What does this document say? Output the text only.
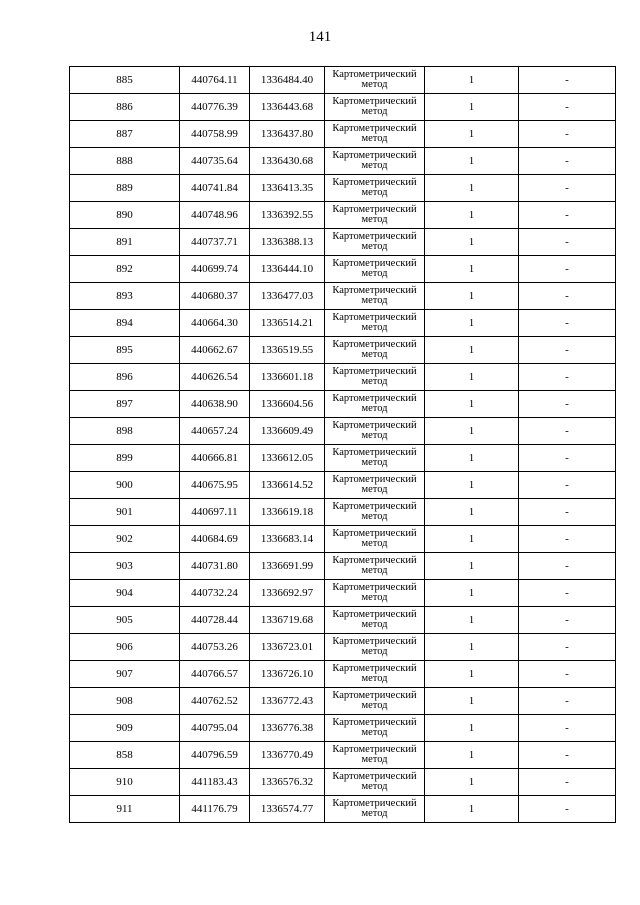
141
885	440764.11	1336484.40	Картометрический метод	1	-
886	440776.39	1336443.68	Картометрический метод	1	-
887	440758.99	1336437.80	Картометрический метод	1	-
888	440735.64	1336430.68	Картометрический метод	1	-
889	440741.84	1336413.35	Картометрический метод	1	-
890	440748.96	1336392.55	Картометрический метод	1	-
891	440737.71	1336388.13	Картометрический метод	1	-
892	440699.74	1336444.10	Картометрический метод	1	-
893	440680.37	1336477.03	Картометрический метод	1	-
894	440664.30	1336514.21	Картометрический метод	1	-
895	440662.67	1336519.55	Картометрический метод	1	-
896	440626.54	1336601.18	Картометрический метод	1	-
897	440638.90	1336604.56	Картометрический метод	1	-
898	440657.24	1336609.49	Картометрический метод	1	-
899	440666.81	1336612.05	Картометрический метод	1	-
900	440675.95	1336614.52	Картометрический метод	1	-
901	440697.11	1336619.18	Картометрический метод	1	-
902	440684.69	1336683.14	Картометрический метод	1	-
903	440731.80	1336691.99	Картометрический метод	1	-
904	440732.24	1336692.97	Картометрический метод	1	-
905	440728.44	1336719.68	Картометрический метод	1	-
906	440753.26	1336723.01	Картометрический метод	1	-
907	440766.57	1336726.10	Картометрический метод	1	-
908	440762.52	1336772.43	Картометрический метод	1	-
909	440795.04	1336776.38	Картометрический метод	1	-
858	440796.59	1336770.49	Картометрический метод	1	-
910	441183.43	1336576.32	Картометрический метод	1	-
911	441176.79	1336574.77	Картометрический метод	1	-
